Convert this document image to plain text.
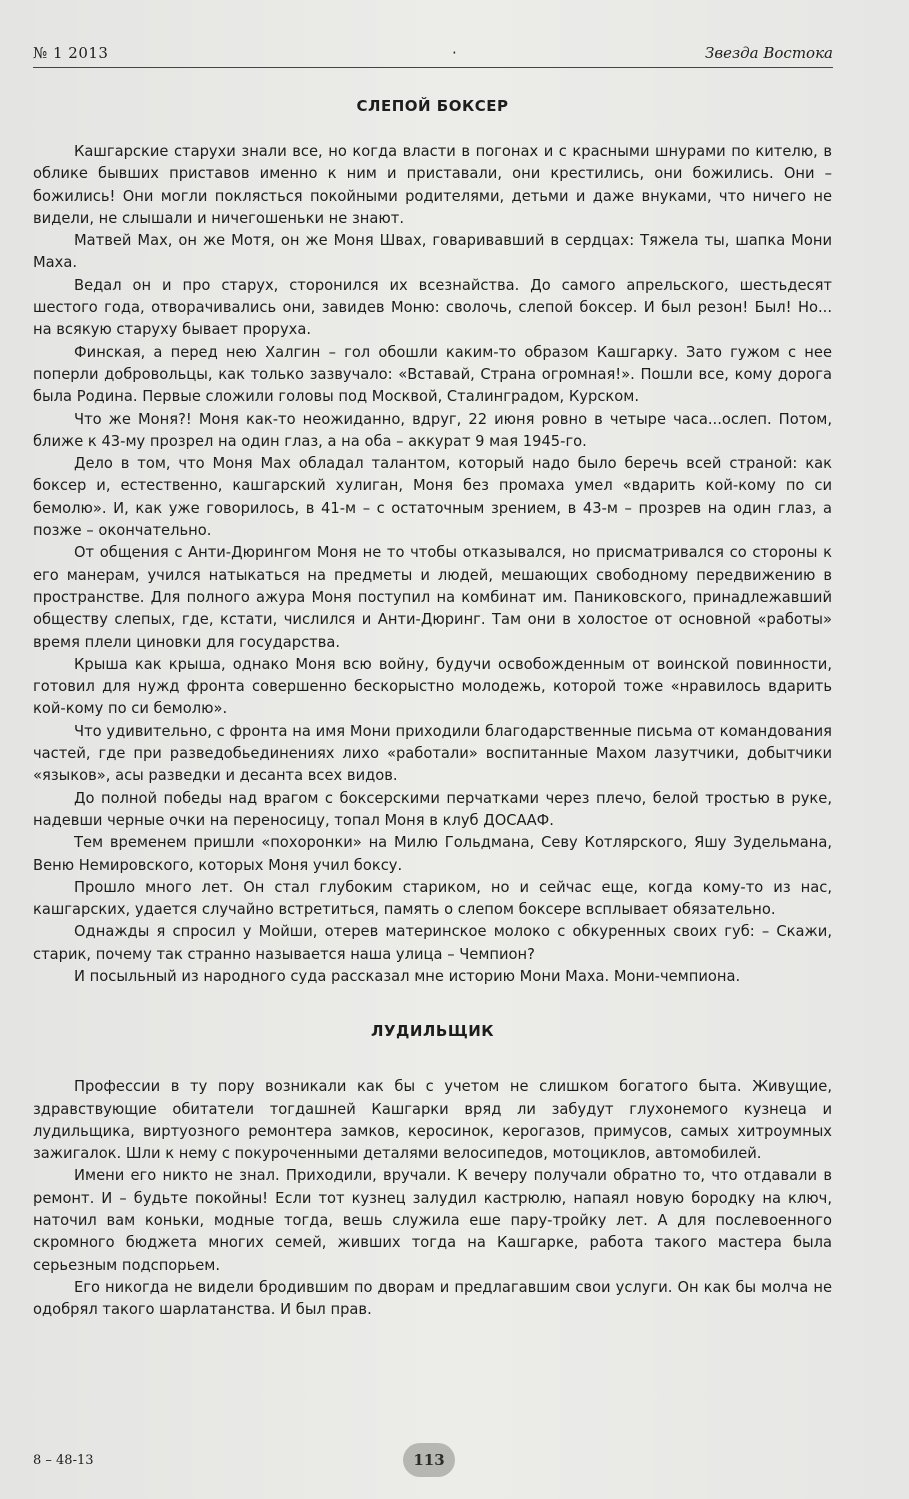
№ 1 2013	·	Звезда Востока
СЛЕПОЙ БОКСЕР

Кашгарские старухи знали все, но когда власти в погонах и с красными шнурами по кителю, в облике бывших приставов именно к ним и приставали, они крестились, они божились. Они – божились! Они могли поклясться покойными родителями, детьми и даже внуками, что ничего не видели, не слышали и ничегошеньки не знают.

Матвей Мах, он же Мотя, он же Моня Шваx, говаривавший в сердцах: Тяжела ты, шапка Мони Маха.

Ведал он и про старух, сторонился их всезнайства. До самого апрельского, шестьдесят шестого года, отворачивались они, завидев Моню: сволочь, слепой боксер. И был резон! Был! Но... на всякую старуху бывает проруха.

Финская, а перед нею Халгин – гол обошли каким-то образом Кашгарку. Зато гужом с нее поперли добровольцы, как только зазвучало: «Вставай, Страна огромная!». Пошли все, кому дорога была Родина. Первые сложили головы под Москвой, Сталинградом, Курском.

Что же Моня?! Моня как-то неожиданно, вдруг, 22 июня ровно в четыре часа...ослеп. Потом, ближе к 43-му прозрел на один глаз, а на оба – аккурат 9 мая 1945-го.

Дело в том, что Моня Мах обладал талантом, который надо было беречь всей страной: как боксер и, естественно, кашгарский хулиган, Моня без промаха умел «вдарить кой-кому по си бемолю». И, как уже говорилось, в 41-м – с остаточным зрением, в 43-м – прозрев на один глаз, а позже – окончательно.

От общения с Анти-Дюрингом Моня не то чтобы отказывался, но присматривался со стороны к его манерам, учился натыкаться на предметы и людей, мешающих свободному передвижению в пространстве. Для полного ажура Моня поступил на комбинат им. Паниковского, принадлежавший обществу слепых, где, кстати, числился и Анти-Дюринг. Там они в холостое от основной «работы» время плели циновки для государства.

Крыша как крыша, однако Моня всю войну, будучи освобожденным от воинской повинности, готовил для нужд фронта совершенно бескорыстно молодежь, которой тоже «нравилось вдарить кой-кому по си бемолю».

Что удивительно, с фронта на имя Мони приходили благодарственные письма от командования частей, где при разведобьединениях лихо «работали» воспитанные Махом лазутчики, добытчики «языков», асы разведки и десанта всех видов.

До полной победы над врагом с боксерскими перчатками через плечо, белой тростью в руке, надевши черные очки на переносицу, топал Моня в клуб ДОСААФ.

Тем временем пришли «похоронки» на Милю Гольдмана, Севу Котлярского, Яшу Зудельмана, Веню Немировского, которых Моня учил боксу.

Прошло много лет. Он стал глубоким стариком, но и сейчас еще, когда кому-то из нас, кашгарских, удается случайно встретиться, память о слепом боксере всплывает обязательно.

Однажды я спросил у Мойши, отерев материнское молоко с обкуренных своих губ: – Скажи, старик, почему так странно называется наша улица – Чемпион?

И посыльный из народного суда рассказал мне историю Мони Маха. Мони-чемпиона.

ЛУДИЛЬЩИК

Профессии в ту пору возникали как бы с учетом не слишком богатого быта. Живущие, здравствующие обитатели тогдашней Кашгарки вряд ли забудут глухонемого кузнеца и лудильщика, виртуозного ремонтера замков, керосинок, керогазов, примусов, самых хитроумных зажигалок. Шли к нему с покуроченными деталями велосипедов, мотоциклов, автомобилей.

Имени его никто не знал. Приходили, вручали. К вечеру получали обратно то, что отдавали в ремонт. И – будьте покойны! Если тот кузнец залудил кастрюлю, напаял новую бородку на ключ, наточил вам коньки, модные тогда, вешь служила еше пару-тройку лет. А для послевоенного скромного бюджета многих семей, живших тогда на Кашгарке, работа такого мастера была серьезным подспорьем.

Его никогда не видели бродившим по дворам и предлагавшим свои услуги. Он как бы молча не одобрял такого шарлатанства. И был прав.

8 – 48-13	113
